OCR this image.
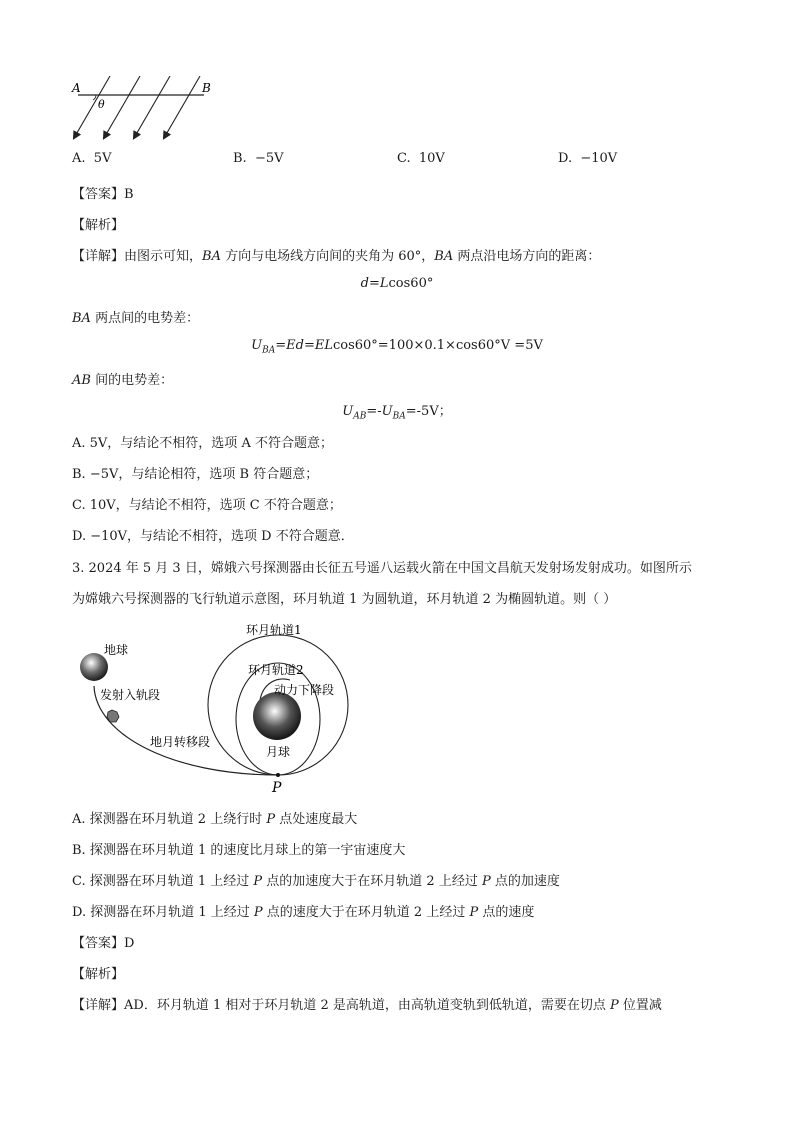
A	B
θ
A. 5V	B. −5V	C. 10V	D. −10V
【答案】B
【解析】
【详解】由图示可知，BA 方向与电场线方向间的夹角为 60°，BA 两点沿电场方向的距离：
d=Lcos60°
BA 两点间的电势差：
$U_{BA}=Ed=ELcos60^\circ=100\times 0.1\times\cos 60^\circ V =5V$
AB 间的电势差：
$U_{AB}=-U_{BA}=-5V$；
A. 5V，与结论不相符，选项 A 不符合题意；
B. −5V，与结论相符，选项 B 符合题意；
C. 10V，与结论不相符，选项 C 不符合题意；
D. −10V，与结论不相符，选项 D 不符合题意．
3. 2024 年 5 月 3 日，嫦娥六号探测器由长征五号遥八运载火箭在中国文昌航天发射场发射成功。如图所示
为嫦娥六号探测器的飞行轨道示意图，环月轨道 1 为圆轨道，环月轨道 2 为椭圆轨道。则（ ）
地球
发射入轨段
地月转移段
环月轨道1
环月轨道2
动力下降段
月球
P
A. 探测器在环月轨道 2 上绕行时 P 点处速度最大
B. 探测器在环月轨道 1 的速度比月球上的第一宇宙速度大
C. 探测器在环月轨道 1 上经过 P 点的加速度大于在环月轨道 2 上经过 P 点的加速度
D. 探测器在环月轨道 1 上经过 P 点的速度大于在环月轨道 2 上经过 P 点的速度
【答案】D
【解析】
【详解】AD．环月轨道 1 相对于环月轨道 2 是高轨道，由高轨道变轨到低轨道，需要在切点 P 位置减
